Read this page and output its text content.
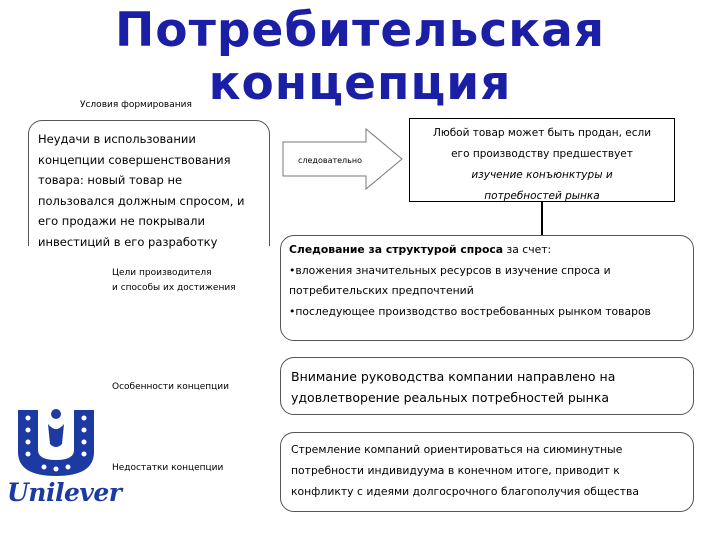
Потребительская
концепция
Условия формирования
Неудачи в использовании
концепции совершенствования
товара: новый товар не
пользовался должным спросом, и
его продажи не покрывали
инвестиций в его разработку
следовательно
Любой товар может быть продан, если
его производству предшествует
изучение конъюнктуры и
потребностей рынка
Цели производителя
и способы их достижения
Следование за структурой спроса за счет:
•вложения значительных ресурсов в изучение спроса и
потребительских предпочтений
•последующее производство востребованных рынком товаров
Особенности концепции
Внимание руководства компании направлено на
удовлетворение реальных потребностей рынка
Недостатки концепции
Стремление компаний ориентироваться на сиюминутные
потребности индивидуума в конечном итоге, приводит к
конфликту с идеями долгосрочного благополучия общества
Unilever
